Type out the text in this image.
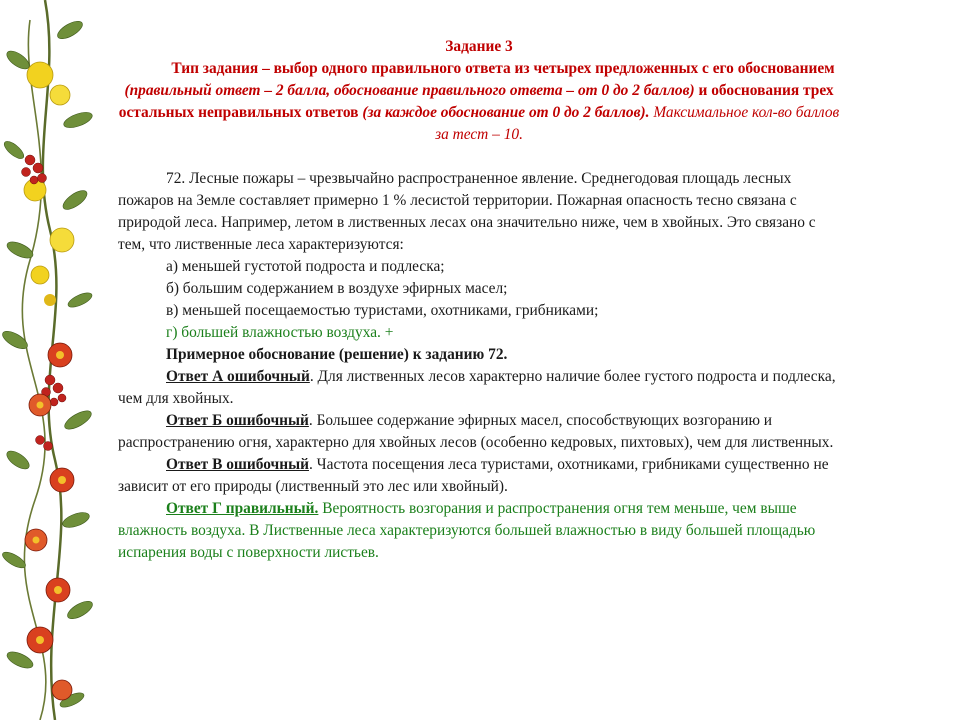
Задание 3
Тип задания – выбор одного правильного ответа из четырех предложенных с его обоснованием (правильный ответ – 2 балла, обоснование правильного ответа – от 0 до 2 баллов) и обоснования трех остальных неправильных ответов (за каждое обоснование от 0 до 2 баллов). Максимальное кол-во баллов за тест – 10.

72. Лесные пожары – чрезвычайно распространенное явление. Среднегодовая площадь лесных пожаров на Земле составляет примерно 1 % лесистой территории. Пожарная опасность тесно связана с природой леса. Например, летом в лиственных лесах она значительно ниже, чем в хвойных. Это связано с тем, что лиственные леса характеризуются:

а) меньшей густотой подроста и подлеска;

б) большим содержанием в воздухе эфирных масел;

в) меньшей посещаемостью туристами, охотниками, грибниками;

г) большей влажностью воздуха. +

Примерное обоснование (решение) к заданию 72.

Ответ А ошибочный. Для лиственных лесов характерно наличие более густого подроста и подлеска, чем для хвойных.

Ответ Б ошибочный. Большее содержание эфирных масел, способствующих возгоранию и распространению огня, характерно для хвойных лесов (особенно кедровых, пихтовых), чем для лиственных.

Ответ В ошибочный. Частота посещения леса туристами, охотниками, грибниками существенно не зависит от его природы (лиственный это лес или хвойный).

Ответ Г правильный. Вероятность возгорания и распространения огня тем меньше, чем выше влажность воздуха. В Лиственные леса характеризуются большей влажностью в виду большей площадью испарения воды с поверхности листьев.
